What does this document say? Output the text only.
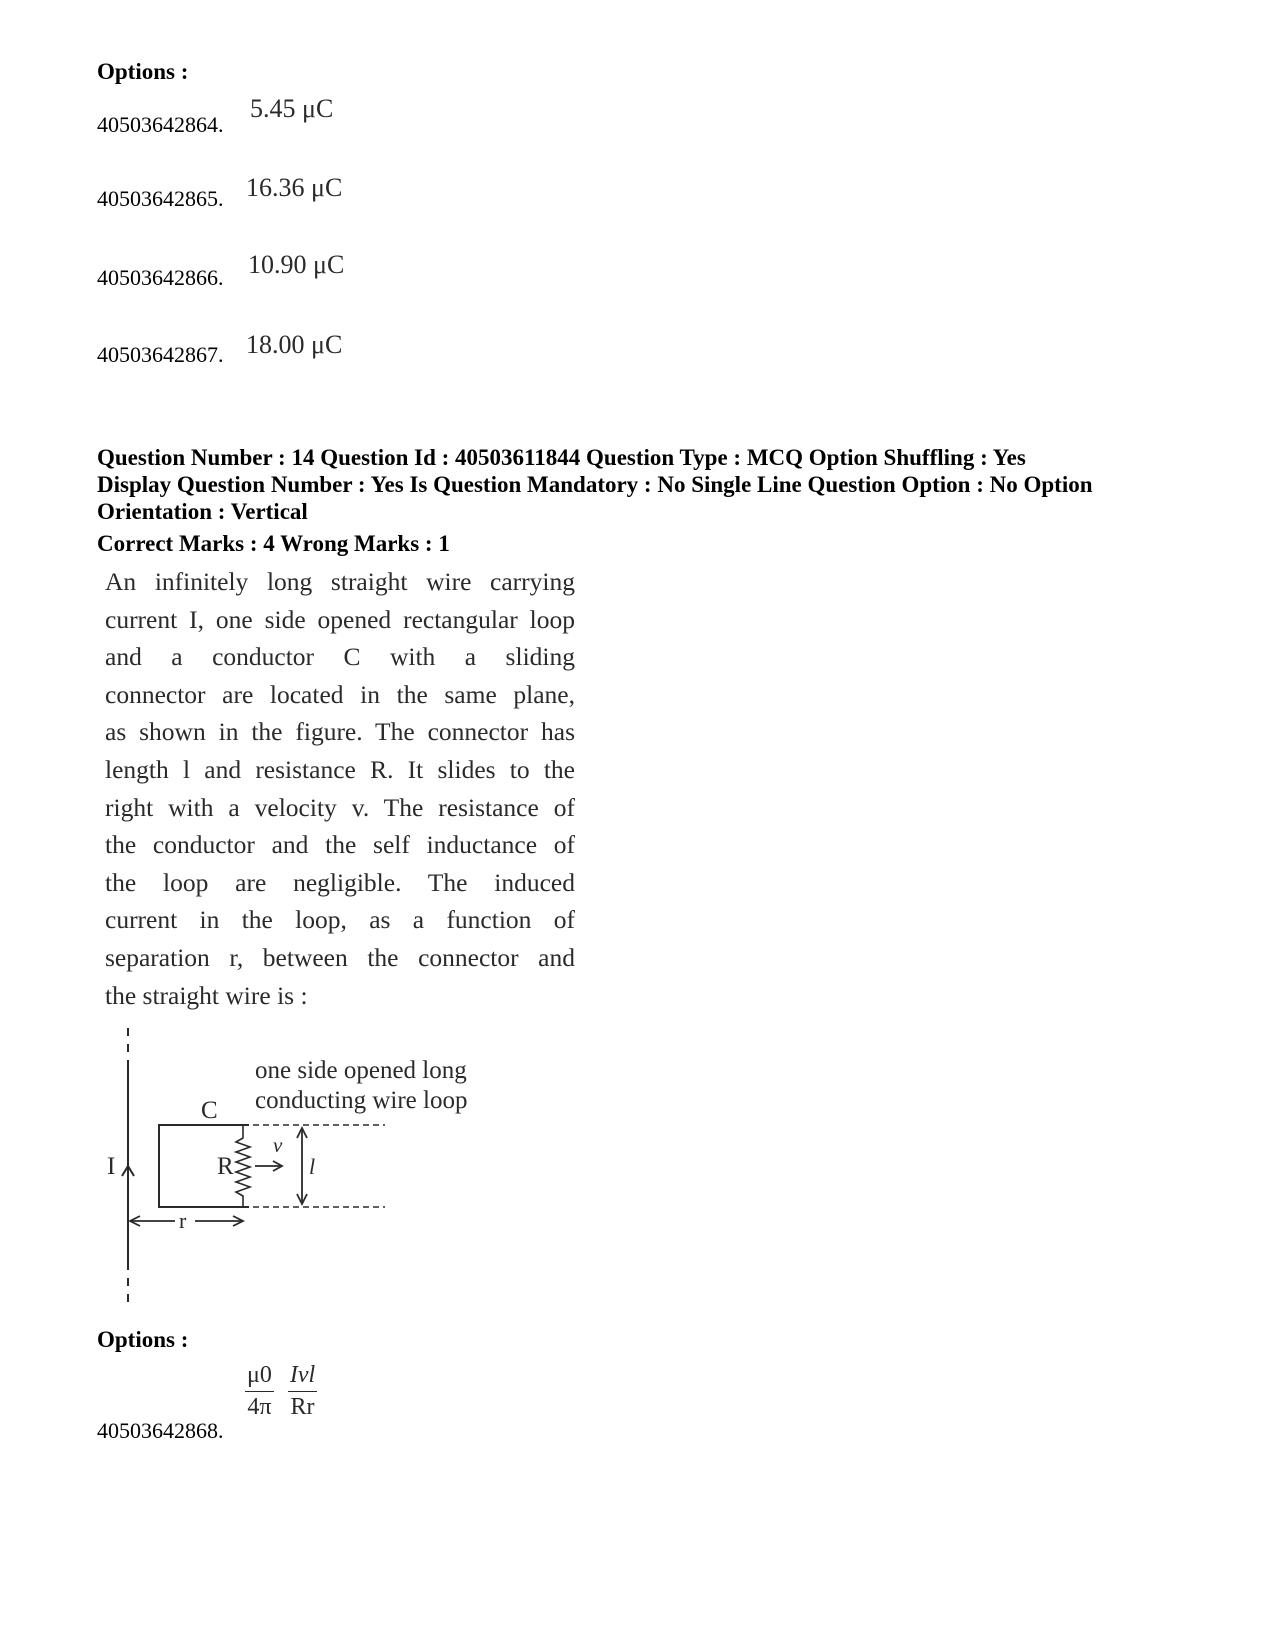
Options :
40503642864.
5.45 μC
40503642865. 16.36 μC
40503642866. 10.90 μC
40503642867. 18.00 μC
Question Number : 14 Question Id : 40503611844 Question Type : MCQ Option Shuffling : Yes
Display Question Number : Yes Is Question Mandatory : No Single Line Question Option : No Option
Orientation : Vertical
Correct Marks : 4 Wrong Marks : 1
An infinitely long straight wire carrying
current I, one side opened rectangular loop
and a conductor C with a sliding
connector are located in the same plane,
as shown in the figure. The connector has
length l and resistance R. It slides to the
right with a velocity v. The resistance of
the conductor and the self inductance of
the loop are negligible. The induced
current in the loop, as a function of
separation r, between the connector and
the straight wire is :
one side opened long
conducting wire loop
C
I	R
v
l
r
Options :
$\frac{\mu 0}{4\pi}$
$\frac{\text{Ivl}}{Rr}$
40503642868.
